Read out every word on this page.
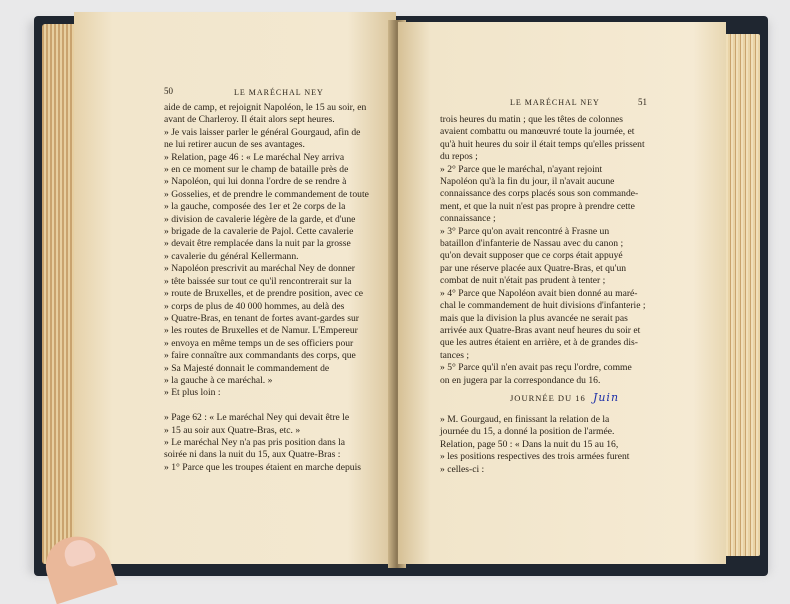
50	LE MARÉCHAL NEY
aide de camp, et rejoignit Napoléon, le 15 au soir, en
avant de Charleroy. Il était alors sept heures.
» Je vais laisser parler le général Gourgaud, afin de
ne lui retirer aucun de ses avantages.
» Relation, page 46 : « Le maréchal Ney arriva
» en ce moment sur le champ de bataille près de
» Napoléon, qui lui donna l'ordre de se rendre à
» Gosselies, et de prendre le commandement de toute
» la gauche, composée des 1er et 2e corps de la
» division de cavalerie légère de la garde, et d'une
» brigade de la cavalerie de Pajol. Cette cavalerie
» devait être remplacée dans la nuit par la grosse
» cavalerie du général Kellermann.
» Napoléon prescrivit au maréchal Ney de donner
» tête baissée sur tout ce qu'il rencontrerait sur la
» route de Bruxelles, et de prendre position, avec ce
» corps de plus de 40 000 hommes, au delà des
» Quatre-Bras, en tenant de fortes avant-gardes sur
» les routes de Bruxelles et de Namur. L'Empereur
» envoya en même temps un de ses officiers pour
» faire connaître aux commandants des corps, que
» Sa Majesté donnait le commandement de
» la gauche à ce maréchal. »
» Et plus loin :

» Page 62 : « Le maréchal Ney qui devait être le
» 15 au soir aux Quatre-Bras, etc. »
» Le maréchal Ney n'a pas pris position dans la
soirée ni dans la nuit du 15, aux Quatre-Bras :
» 1° Parce que les troupes étaient en marche depuis
LE MARÉCHAL NEY	51
trois heures du matin ; que les têtes de colonnes
avaient combattu ou manœuvré toute la journée, et
qu'à huit heures du soir il était temps qu'elles prissent
du repos ;
» 2° Parce que le maréchal, n'ayant rejoint
Napoléon qu'à la fin du jour, il n'avait aucune
connaissance des corps placés sous son commande-
ment, et que la nuit n'est pas propre à prendre cette
connaissance ;
» 3° Parce qu'on avait rencontré à Frasne un
bataillon d'infanterie de Nassau avec du canon ;
qu'on devait supposer que ce corps était appuyé
par une réserve placée aux Quatre-Bras, et qu'un
combat de nuit n'était pas prudent à tenter ;
» 4° Parce que Napoléon avait bien donné au maré-
chal le commandement de huit divisions d'infanterie ;
mais que la division la plus avancée ne serait pas
arrivée aux Quatre-Bras avant neuf heures du soir et
que les autres étaient en arrière, et à de grandes dis-
tances ;
» 5° Parce qu'il n'en avait pas reçu l'ordre, comme
on en jugera par la correspondance du 16.
JOURNÉE DU 16 Juin
» M. Gourgaud, en finissant la relation de la
journée du 15, a donné la position de l'armée.
Relation, page 50 : « Dans la nuit du 15 au 16,
» les positions respectives des trois armées furent
» celles-ci :
